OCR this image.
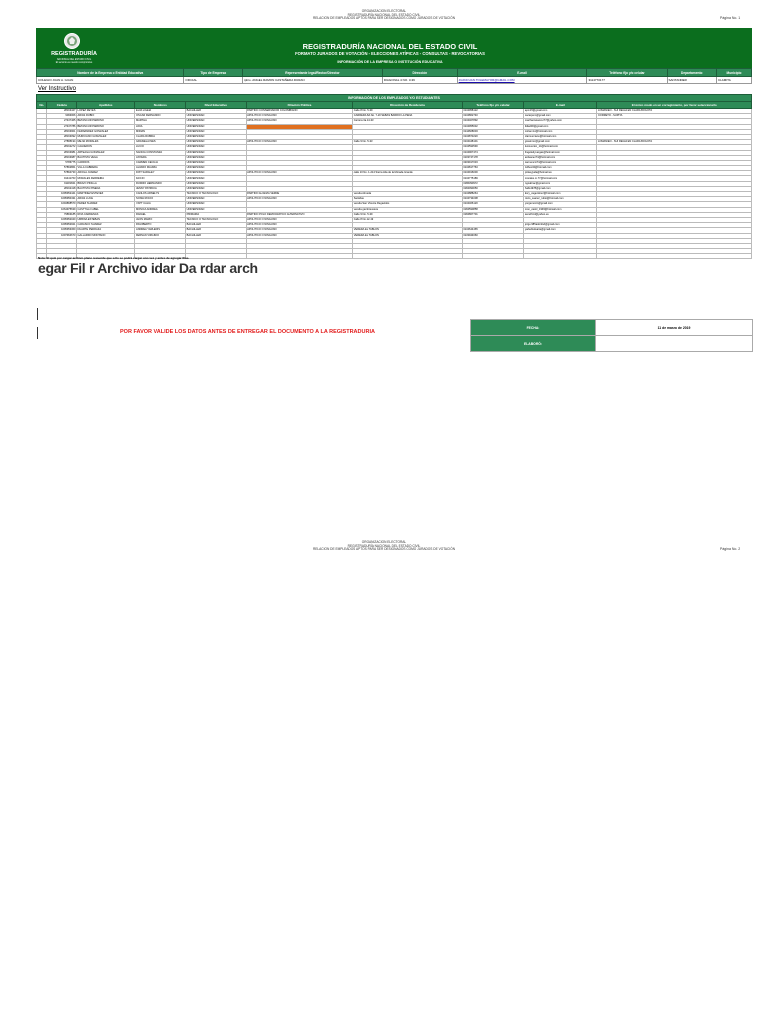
ORGANIZACION ELECTORAL
REGISTRADURÍA NACIONAL DEL ESTADO CIVIL
RELACION DE EMPLEADOS APTOS PARA SER DESIGNADOS COMO JURADOS DE VOTACIÓN	Página No. 1
REGISTRADURÍA
NACIONAL DEL ESTADO CIVIL
El servicio es nuestro compromiso
REGISTRADURÍA NACIONAL DEL ESTADO CIVIL
FORMATO JURADOS DE VOTACIÓN - ELECCIONES ATÍPICAS - CONSULTAS - REVOCATORIAS
INFORMACIÓN DE LA EMPRESA O INSTITUCIÓN EDUCATIVA
Nombre de la Empresa o Entidad Educativa	Tipo de Empresa	Representante legal/Rector/Director	Dirección	E-mail	Teléfono fijo y/o celular	Departamento	Municipio
COLEGIO JUAN A. GUAN	OFICIAL	ipbro. ANGEL RAMON CASTAÑEDA DURAN	DIAGONAL 4 NO. 3-39	JUANCUAN.TOLEMAYOR@GMAIL.COM	3114770177	SANTANDER	CLAMITA
Ver Instructivo
INFORMACIÓN DE LOS EMPLEADOS Y/O ESTUDIANTES									
No.	Cédula	Apellidos	Nombres	Nivel Educativo	Filiación Política	Dirección de Residencia	Teléfono fijo y/o celular	E-mail	El único modo en un corregimiento, por favor seleccionarlo
	28163427	LOPEZ REYES	ELVA LIGEIA	BACHILLER	PARTIDO CONSERVADOR COLOMBIANO	Calle 8 No. 5-39	3134958122	apm15@gmail.com	LOMANIEO - SUI REGIA EN CLARA BOGOTA
	9093006	ARIAS RUBIO	OSCAR FERNANDO	UNIVERSIDAD	APOLITICO O NINGUNO	CARRERA 8A No. 7-20 SEBAS BARRIO LA PENA	3134862740	oscarpem@gmail.com	CORRETO - SUPITA
	27437465	BETANCUR PARDINO	MARTHA	UNIVERSIDAD	APOLITICO O NINGUNO	Carrera 3a.14-33	3134407892	martha.betancur77@yahoo.com	
	27437786	BETANCUR PARDINO	LIDIA	UNIVERSIDAD			3134955632	lidia200@gmail.com	
	28163901	FERNANDEZ GONZALEZ	MIRIAN	UNIVERSIDAD			3144608003	mirian.fer@hotmail.com	
	28163092	MURCIANO GONZALEZ	CLARA RUBIDA	UNIVERSIDAD			3134873220	clarmurciano@hotmail.com	
	27895194	MEJIA MORALES	GRASIELA INES	UNIVERSIDAD	APOLITICO O NINGUNO	Calle 9 No. 5-33	3134448101	grasinmc@gmail.com	LOMANIEO - SUI REGIA EN CLARA BOGOTA
	28162272	CALDERON	LUCIO	UNIVERSIDAD			3134593590	lucioverico_14@hotmail.com	
	28163981	ARTEAGA GONZALEZ	NANCIA CONSTANZA	UNIVERSIDAD			3134907474	fragoledyvargas@hotmail.com	
	28163987	BAUTISTA VEGA	ANYERA	UNIVERSIDAD			3103747178	ardwaner74@hotmail.com	
	5786775	CARRIOS	CARMEN CECILIA	UNIVERSIDAD			3203917033	carmencci74@hotmail.com	
	57862861	VILLA CABRERA	ALVARO MAURIA	UNIVERSIDAD			3134817763	ivilhex34@hotmail.com	
	57864730	ARIOLA JUAREZ	DIXT SARALEY	UNIVERSIDAD	APOLITICO O NINGUNO	calle 10 No. 1-214 Sierra Alta de la Morada Grande	3134916000	pinkeyjuda@hotmail.es	
	91441763	MORALES FERREIRA	FAICIO	UNIVERSIDAD			3134775189	morales.m.77@hotmail.com	
	91181841	BRAVO PINILLA	RUDDIO HERNANDO	UNIVERSIDAD			3186390972	ngoabrac@gmail.com	
	28162418	BAUTISTA PINEDA	JENNY PATRICIA	UNIVERSIDAD			3184090050	hallo1978@gmail.com	
	1095952441	MARTINEZ ESTEVEZ	CANLOS ARNELYS	TECNICO O TECNOLOGO	PARTIDO ALIANZA VERDE	vereda Almeda	3134888264	kory_cagentinez@hotmail.com	
	1095950431	ARIAS LUCE	SONIA ROCIO	UNIVERSIDAD	APOLITICO O NINGUNO	Santidas	3134734008	rocio_suarez_rubio@hotmail.com	
	1094868570	PEREZ SUAREZ	YAPT CALIA	UNIVERSIDAD		vereda San Vicente Regavidos	3134466120	yorgemocin@gmail.com	
	1064975639	CASTTILLO ABEL	MONICA ANDREA	UNIVERSIDAD		vereda gambrevesca	3184590858	mon_castir_1993@hotmail.com	
	79863185	RIVA CARDENAS	RAFAEL	PRIMARIA	PARTIDO POLO DEMOCRATICO ALTERNATIVO	Calle 9 No. 5-39	3184867701	serazfrcd@yahoo.es	
	1095952040	URBINA ESTEBAN	JHON MARIO	TECNICO O TECNOLOGO	APOLITICO O NINGUNO	Calle 8 No.12-19			
	1095952921	CARASCO SUAREZ	RIGOBERTO	BACHILLER	APOLITICO O NINGUNO			jorge.985adonfod@gmail.com	
	1095953360	DUARTE PEDRAZA	ANDREA YARLEDIS	BACHILLER	APOLITICO O NINGUNO	VEREDA EL TABLON	3134644465	yarledisduarte@gmail.com	
	1097964673	GALLARDO MONTAÑO	FERNAN VIRGINIO	BACHILLER	APOLITICO O NINGUNO	VEREDA EL TABLON	3133944660		

Nota: El quiz por cargar archivo plano recuerde que sólo se podrá cargar uno vez y antes de agregar filas.
egar Fil r Archivo idar Da rdar arch
FECHA:	11 de marzo de 2019
ELABORÓ:	
POR FAVOR VALIDE LOS DATOS ANTES DE ENTREGAR EL DOCUMENTO A LA REGISTRADURIA
ORGANIZACION ELECTORAL
REGISTRADURÍA NACIONAL DEL ESTADO CIVIL
RELACION DE EMPLEADOS APTOS PARA SER DESIGNADOS COMO JURADOS DE VOTACIÓN	Página No. 2
